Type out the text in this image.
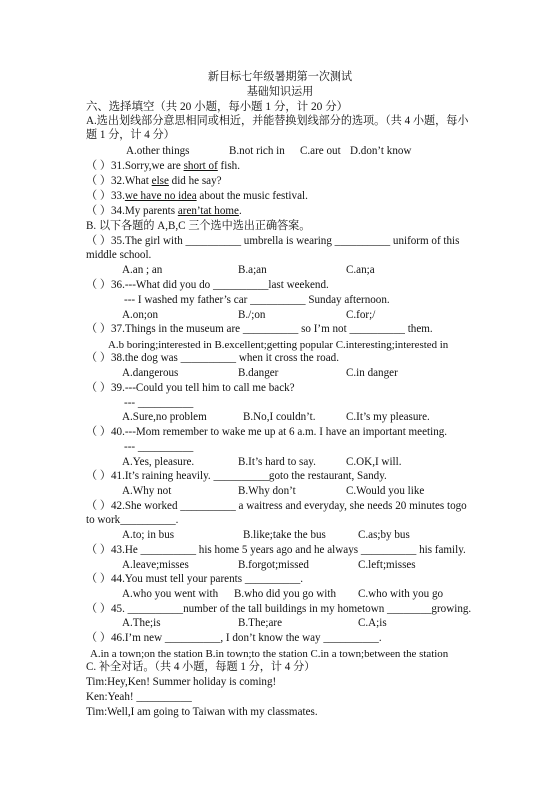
新目标七年级暑期第一次测试
基础知识运用
六、选择填空（共 20 小题，每小题 1 分，计 20 分）
A.选出划线部分意思相同或相近，并能替换划线部分的选项。（共 4 小题，每小
题 1 分，计 4 分）
A.other things	B.not rich in C.are out D.don’t know
（ ）31.Sorry,we are short of fish.
（ ）32.What else did he say?
（ ）33.we have no idea about the music festival.
（ ）34.My parents aren’tat home.
B. 以下各题的 A,B,C 三个选中选出正确答案。
（ ）35.The girl with __________ umbrella is wearing __________ uniform of this
middle school.
A.an ; an	B.a;an	C.an;a
（ ）36.---What did you do __________last weekend.
--- I washed my father’s car __________ Sunday afternoon.
A.on;on	B./;on	C.for;/
（ ）37.Things in the museum are __________ so I’m not __________ them.
A.b boring;interested in B.excellent;getting popular C.interesting;interested in
（ ）38.the dog was __________ when it cross the road.
A.dangerous	B.danger	C.in danger
（ ）39.---Could you tell him to call me back?
--- __________
A.Sure,no problem	B.No,I couldn’t.	C.It’s my pleasure.
（ ）40.---Mom remember to wake me up at 6 a.m. I have an important meeting.
--- __________
A.Yes, pleasure.	B.It’s hard to say.	C.OK,I will.
（ ）41.It’s raining heavily. __________goto the restaurant, Sandy.
A.Why not	B.Why don’t	C.Would you like
（ ）42.She worked __________ a waitress and everyday, she needs 20 minutes togo
to work__________.
A.to; in bus	B.like;take the bus	C.as;by bus
（ ）43.He __________ his home 5 years ago and he always __________ his family.
A.leave;misses	B.forgot;missed	C.left;misses
（ ）44.You must tell your parents __________.
A.who you went with B.who did you go with C.who with you go
（ ）45. __________number of the tall buildings in my hometown ________growing.
A.The;is	B.The;are	C.A;is
（ ）46.I’m new __________, I don’t know the way __________.
A.in a town;on the station B.in town;to the station C.in a town;between the station
C. 补全对话。（共 4 小题，每题 1 分，计 4 分）
Tim:Hey,Ken! Summer holiday is coming!
Ken:Yeah! __________
Tim:Well,I am going to Taiwan with my classmates.
